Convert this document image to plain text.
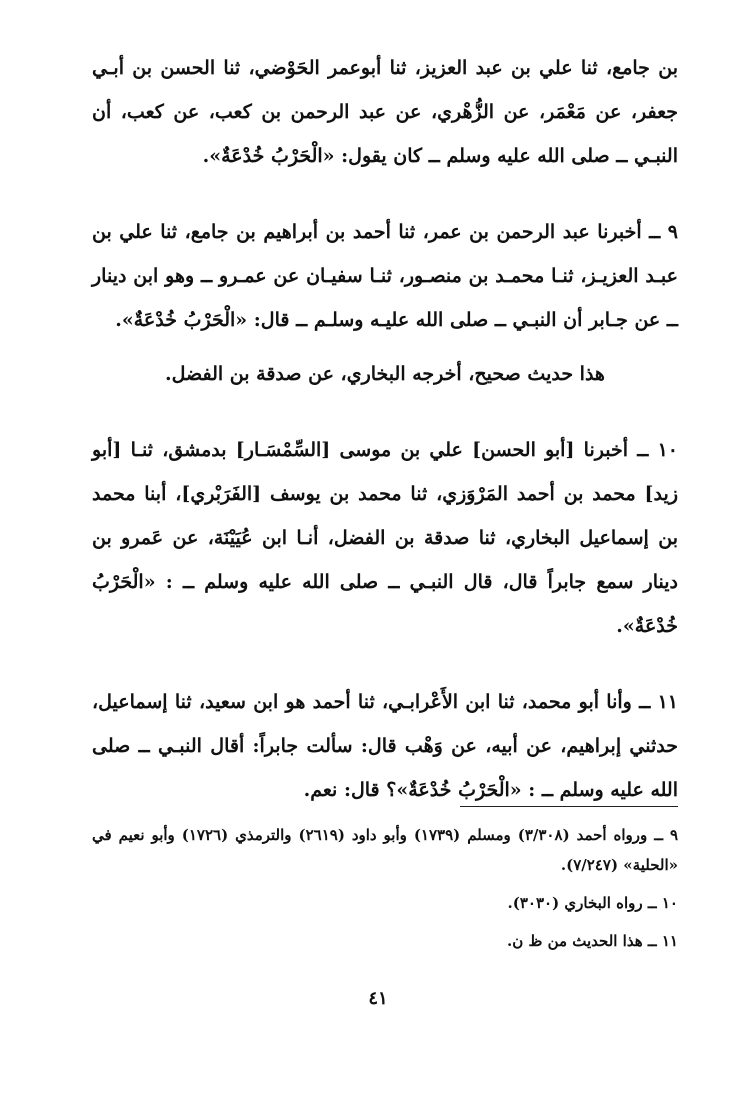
بن جامع، ثنا علي بن عبد العزيز، ثنا أبوعمر الحَوْضي، ثنا الحسن بن أبـي جعفر، عن مَعْمَر، عن الزُّهْري، عن عبد الرحمن بن كعب، عن كعب، أن النبـي ــ صلى الله عليه وسلم ــ كان يقول: «الْحَرْبُ خُدْعَةٌ».

٩ ــ أخبرنا عبد الرحمن بن عمر، ثنا أحمد بن أبراهيم بن جامع، ثنا علي بن عبـد العزيـز، ثنـا محمـد بن منصـور، ثنـا سفيـان عن عمـرو ــ وهو ابن دينار ــ عن جـابر أن النبـي ــ صلى الله عليـه وسلـم ــ قال: «الْحَرْبُ خُدْعَةٌ».

هذا حديث صحيح، أخرجه البخاري، عن صدقة بن الفضل.

١٠ ــ أخبرنا [أبو الحسن] علي بن موسى [السِّمْسَـار] بدمشق، ثنـا [أبو زيد] محمد بن أحمد المَرْوَزي، ثنا محمد بن يوسف [الفَرَبْري]، أبنا محمد بن إسماعيل البخاري، ثنا صدقة بن الفضل، أنـا ابن عُيَيْنَة، عن عَمرو بن دينار سمع جابراً قال، قال النبـي ــ صلى الله عليه وسلم ــ : «الْحَرْبُ خُدْعَةٌ».

١١ ــ وأنا أبو محمد، ثنا ابن الأَعْرابـي، ثنا أحمد هو ابن سعيد، ثنا إسماعيل، حدثني إبراهيم، عن أبيه، عن وَهْب قال: سألت جابراً: أقال النبـي ــ صلى الله عليه وسلم ــ : «الْحَرْبُ خُدْعَةٌ»؟ قال: نعم.

٩ ــ ورواه أحمد (٣/٣٠٨) ومسلم (١٧٣٩) وأبو داود (٢٦١٩) والترمذي (١٧٢٦) وأبو نعيم في «الحلية» (٧/٢٤٧).

١٠ ــ رواه البخاري (٣٠٣٠).

١١ ــ هذا الحديث من ظ ن.

٤١
